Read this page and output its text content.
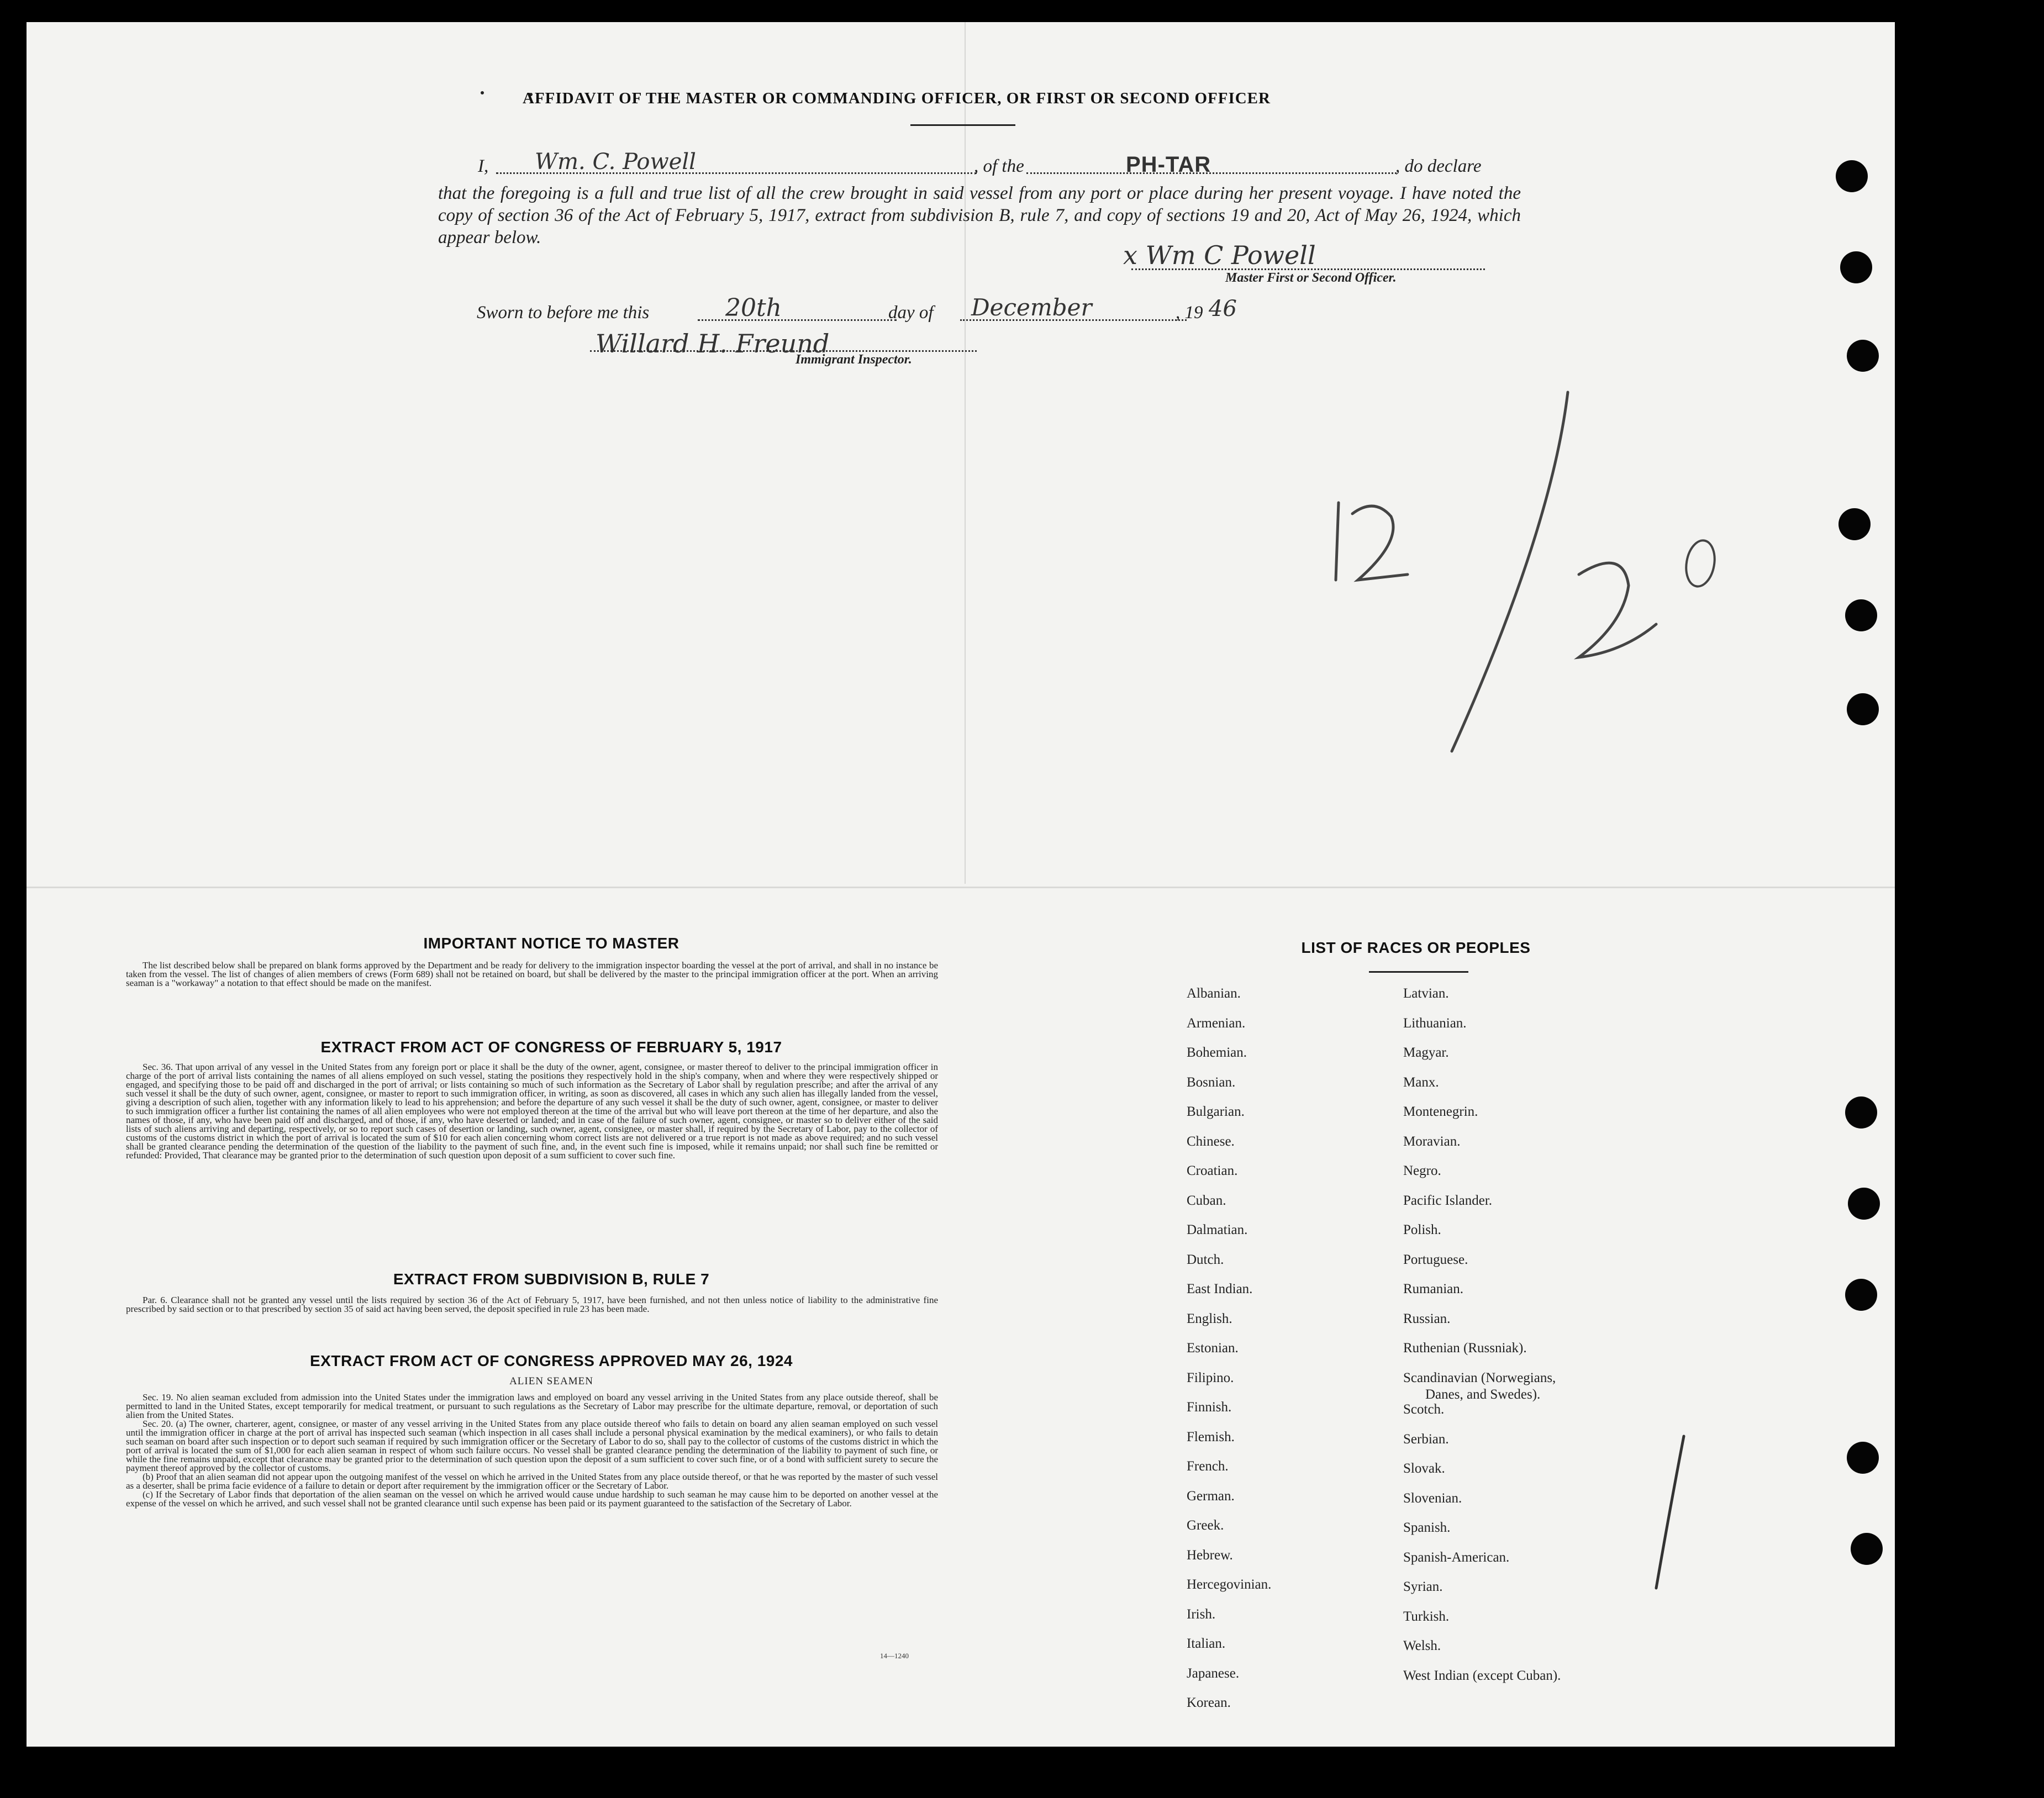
AFFIDAVIT OF THE MASTER OR COMMANDING OFFICER, OR FIRST OR SECOND OFFICER
I, Wm. C. Powell	, of the	PH-TAR	, do declare
that the foregoing is a full and true list of all the crew brought in said vessel from any port or place during her present voyage. I have noted the copy of section 36 of the Act of February 5, 1917, extract from subdivision B, rule 7, and copy of sections 19 and 20, Act of May 26, 1924, which appear below.
x Wm C Powell
Master First or Second Officer.
Sworn to before me this	20th	day of December	, 19 46
Willard H. Freund
Immigrant Inspector.
IMPORTANT NOTICE TO MASTER

The list described below shall be prepared on blank forms approved by the Department and be ready for delivery to the immigration inspector boarding the vessel at the port of arrival, and shall in no instance be taken from the vessel. The list of changes of alien members of crews (Form 689) shall not be retained on board, but shall be delivered by the master to the principal immigration officer at the port. When an arriving seaman is a "workaway" a notation to that effect should be made on the manifest.

EXTRACT FROM ACT OF CONGRESS OF FEBRUARY 5, 1917

Sec. 36. That upon arrival of any vessel in the United States from any foreign port or place it shall be the duty of the owner, agent, consignee, or master thereof to deliver to the principal immigration officer in charge of the port of arrival lists containing the names of all aliens employed on such vessel, stating the positions they respectively hold in the ship's company, when and where they were respectively shipped or engaged, and specifying those to be paid off and discharged in the port of arrival; or lists containing so much of such information as the Secretary of Labor shall by regulation prescribe; and after the arrival of any such vessel it shall be the duty of such owner, agent, consignee, or master to report to such immigration officer, in writing, as soon as discovered, all cases in which any such alien has illegally landed from the vessel, giving a description of such alien, together with any information likely to lead to his apprehension; and before the departure of any such vessel it shall be the duty of such owner, agent, consignee, or master to deliver to such immigration officer a further list containing the names of all alien employees who were not employed thereon at the time of the arrival but who will leave port thereon at the time of her departure, and also the names of those, if any, who have been paid off and discharged, and of those, if any, who have deserted or landed; and in case of the failure of such owner, agent, consignee, or master so to deliver either of the said lists of such aliens arriving and departing, respectively, or so to report such cases of desertion or landing, such owner, agent, consignee, or master shall, if required by the Secretary of Labor, pay to the collector of customs of the customs district in which the port of arrival is located the sum of $10 for each alien concerning whom correct lists are not delivered or a true report is not made as above required; and no such vessel shall be granted clearance pending the determination of the question of the liability to the payment of such fine, and, in the event such fine is imposed, while it remains unpaid; nor shall such fine be remitted or refunded: Provided, That clearance may be granted prior to the determination of such question upon deposit of a sum sufficient to cover such fine.

EXTRACT FROM SUBDIVISION B, RULE 7

Par. 6. Clearance shall not be granted any vessel until the lists required by section 36 of the Act of February 5, 1917, have been furnished, and not then unless notice of liability to the administrative fine prescribed by said section or to that prescribed by section 35 of said act having been served, the deposit specified in rule 23 has been made.

EXTRACT FROM ACT OF CONGRESS APPROVED MAY 26, 1924
ALIEN SEAMEN

Sec. 19. No alien seaman excluded from admission into the United States under the immigration laws and employed on board any vessel arriving in the United States from any place outside thereof, shall be permitted to land in the United States, except temporarily for medical treatment, or pursuant to such regulations as the Secretary of Labor may prescribe for the ultimate departure, removal, or deportation of such alien from the United States.

Sec. 20. (a) The owner, charterer, agent, consignee, or master of any vessel arriving in the United States from any place outside thereof who fails to detain on board any alien seaman employed on such vessel until the immigration officer in charge at the port of arrival has inspected such seaman (which inspection in all cases shall include a personal physical examination by the medical examiners), or who fails to detain such seaman on board after such inspection or to deport such seaman if required by such immigration officer or the Secretary of Labor to do so, shall pay to the collector of customs of the customs district in which the port of arrival is located the sum of $1,000 for each alien seaman in respect of whom such failure occurs. No vessel shall be granted clearance pending the determination of the liability to payment of such fine, or while the fine remains unpaid, except that clearance may be granted prior to the determination of such question upon the deposit of a sum sufficient to cover such fine, or of a bond with sufficient surety to secure the payment thereof approved by the collector of customs.

(b) Proof that an alien seaman did not appear upon the outgoing manifest of the vessel on which he arrived in the United States from any place outside thereof, or that he was reported by the master of such vessel as a deserter, shall be prima facie evidence of a failure to detain or deport after requirement by the immigration officer or the Secretary of Labor.

(c) If the Secretary of Labor finds that deportation of the alien seaman on the vessel on which he arrived would cause undue hardship to such seaman he may cause him to be deported on another vessel at the expense of the vessel on which he arrived, and such vessel shall not be granted clearance until such expense has been paid or its payment guaranteed to the satisfaction of the Secretary of Labor.

14—1240
LIST OF RACES OR PEOPLES
Albanian.
Armenian.
Bohemian.
Bosnian.
Bulgarian.
Chinese.
Croatian.
Cuban.
Dalmatian.
Dutch.
East Indian.
English.
Estonian.
Filipino.
Finnish.
Flemish.
French.
German.
Greek.
Hebrew.
Hercegovinian.
Irish.
Italian.
Japanese.
Korean.
Latvian.
Lithuanian.
Magyar.
Manx.
Montenegrin.
Moravian.
Negro.
Pacific Islander.
Polish.
Portuguese.
Rumanian.
Russian.
Ruthenian (Russniak).
Scandinavian (Norwegians,
Danes, and Swedes).
Scotch.
Serbian.
Slovak.
Slovenian.
Spanish.
Spanish-American.
Syrian.
Turkish.
Welsh.
West Indian (except Cuban).
